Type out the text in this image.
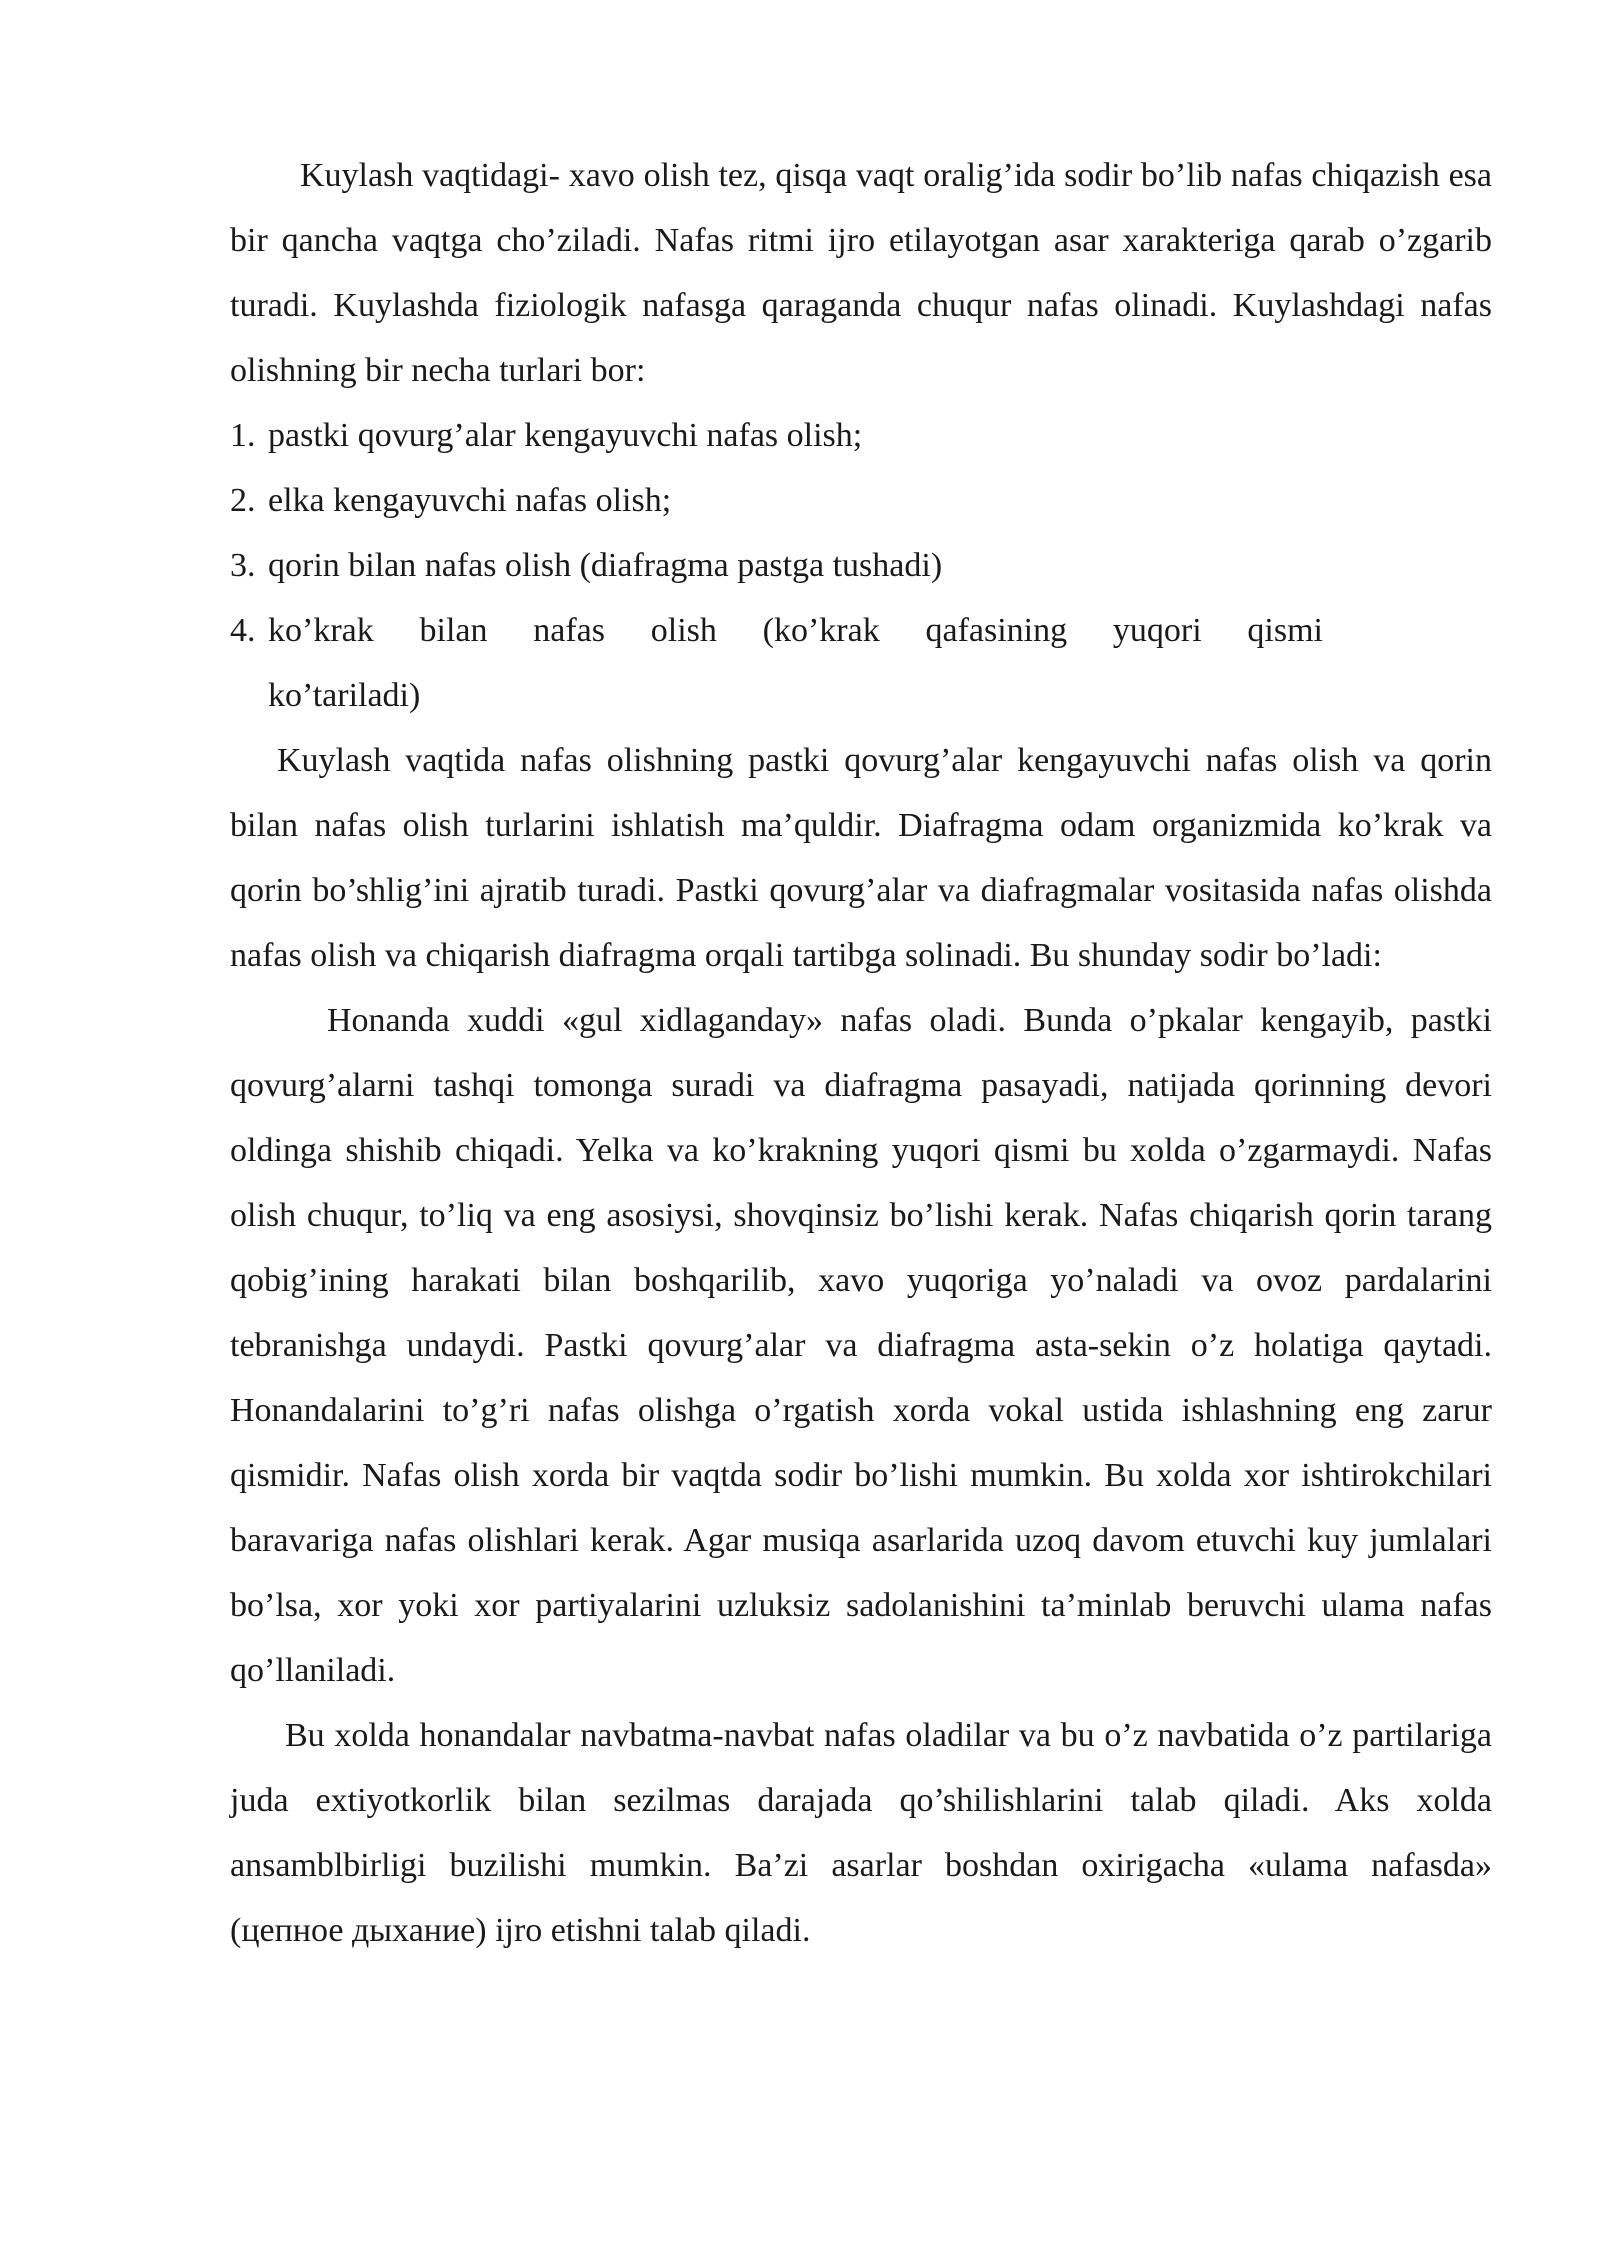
Kuylash vaqtidagi- xavo olish tez, qisqa vaqt oralig’ida sodir bo’lib nafas chiqazish esa bir qancha vaqtga cho’ziladi. Nafas ritmi ijro etilayotgan asar xarakteriga qarab o’zgarib turadi. Kuylashda fiziologik nafasga qaraganda chuqur nafas olinadi. Kuylashdagi nafas olishning bir necha turlari bor:

1. pastki qovurg’alar kengayuvchi nafas olish;
2. elka kengayuvchi nafas olish;
3. qorin bilan nafas olish (diafragma pastga tushadi)
4. ko’krak bilan nafas olish (ko’krak qafasining yuqori qismi ko’tariladi)

Kuylash vaqtida nafas olishning pastki qovurg’alar kengayuvchi nafas olish va qorin bilan nafas olish turlarini ishlatish ma’quldir. Diafragma odam organizmida ko’krak va qorin bo’shlig’ini ajratib turadi. Pastki qovurg’alar va diafragmalar vositasida nafas olishda nafas olish va chiqarish diafragma orqali tartibga solinadi. Bu shunday sodir bo’ladi:

Honanda xuddi «gul xidlaganday» nafas oladi. Bunda o’pkalar kengayib, pastki qovurg’alarni tashqi tomonga suradi va diafragma pasayadi, natijada qorinning devori oldinga shishib chiqadi. Yelka va ko’krakning yuqori qismi bu xolda o’zgarmaydi. Nafas olish chuqur, to’liq va eng asosiysi, shovqinsiz bo’lishi kerak. Nafas chiqarish qorin tarang qobig’ining harakati bilan boshqarilib, xavo yuqoriga yo’naladi va ovoz pardalarini tebranishga undaydi. Pastki qovurg’alar va diafragma asta-sekin o’z holatiga qaytadi. Honandalarini to’g’ri nafas olishga o’rgatish xorda vokal ustida ishlashning eng zarur qismidir. Nafas olish xorda bir vaqtda sodir bo’lishi mumkin. Bu xolda xor ishtirokchilari baravariga nafas olishlari kerak. Agar musiqa asarlarida uzoq davom etuvchi kuy jumlalari bo’lsa, xor yoki xor partiyalarini uzluksiz sadolanishini ta’minlab beruvchi ulama nafas qo’llaniladi.

Bu xolda honandalar navbatma-navbat nafas oladilar va bu o’z navbatida o’z partilariga juda extiyotkorlik bilan sezilmas darajada qo’shilishlarini talab qiladi. Aks xolda ansamblbirligi buzilishi mumkin. Ba’zi asarlar boshdan oxirigacha «ulama nafasda» (цепное дыхание) ijro etishni talab qiladi.
